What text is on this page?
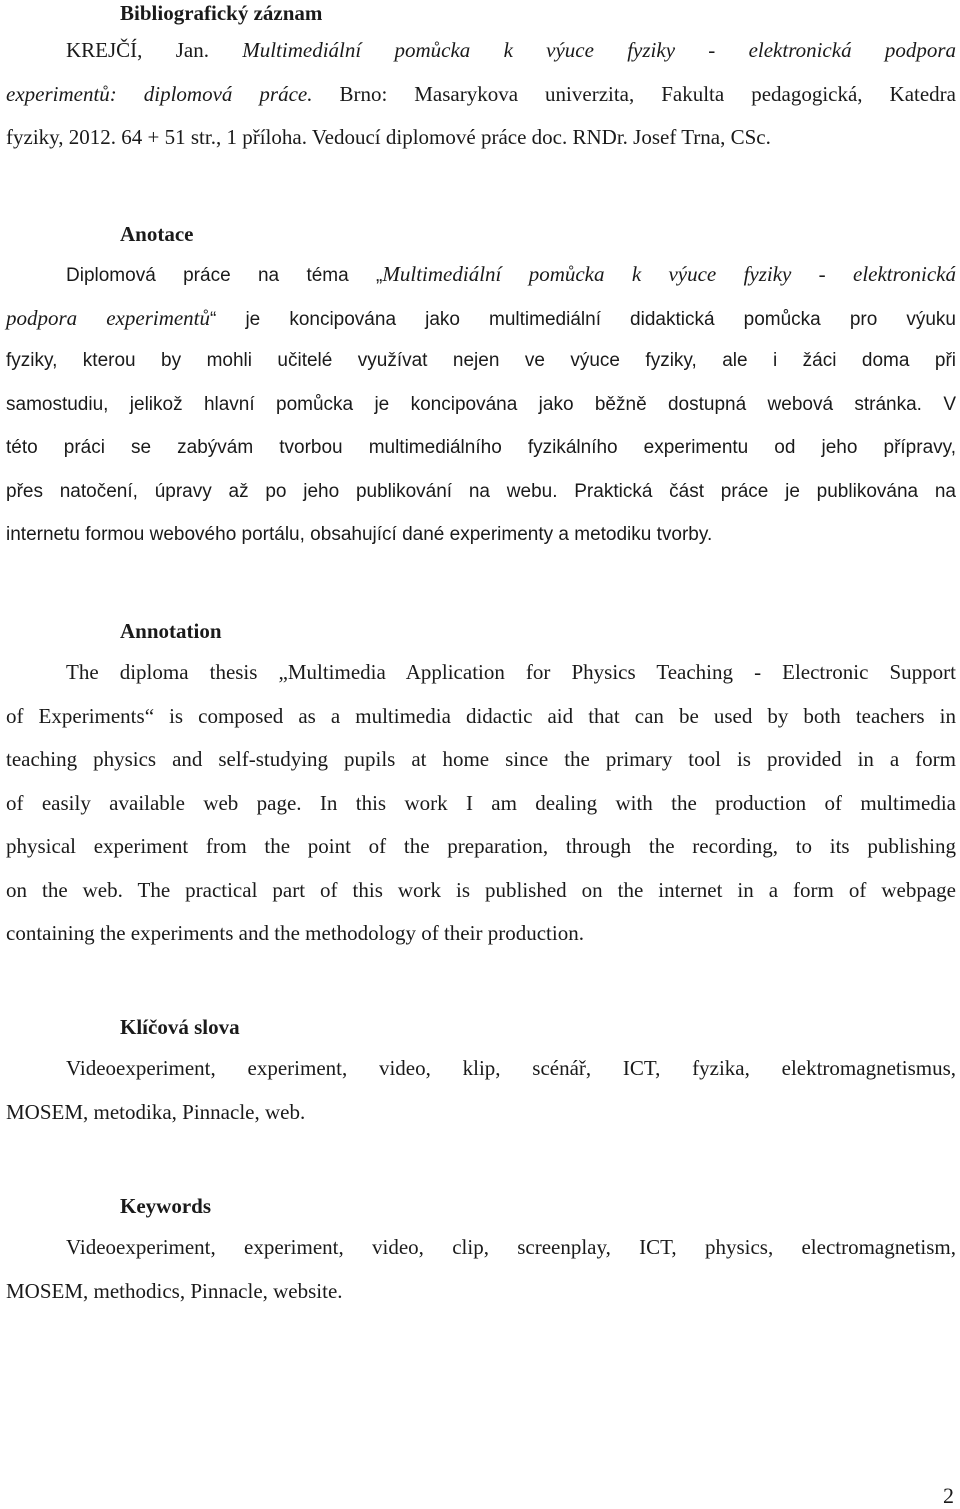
Bibliografický záznam
KREJČÍ, Jan. Multimediální pomůcka k výuce fyziky - elektronická podpora
experimentů: diplomová práce. Brno: Masarykova univerzita, Fakulta pedagogická, Katedra
fyziky, 2012. 64 + 51 str., 1 příloha. Vedoucí diplomové práce doc. RNDr. Josef Trna, CSc.
Anotace
Diplomová práce na téma „Multimediální pomůcka k výuce fyziky - elektronická
podpora experimentů“ je koncipována jako multimediální didaktická pomůcka pro výuku
fyziky, kterou by mohli učitelé využívat nejen ve výuce fyziky, ale i žáci doma při
samostudiu, jelikož hlavní pomůcka je koncipována jako běžně dostupná webová stránka. V
této práci se zabývám tvorbou multimediálního fyzikálního experimentu od jeho přípravy,
přes natočení, úpravy až po jeho publikování na webu. Praktická část práce je publikována na
internetu formou webového portálu, obsahující dané experimenty a metodiku tvorby.
Annotation
The diploma thesis „Multimedia Application for Physics Teaching - Electronic Support
of Experiments“ is composed as a multimedia didactic aid that can be used by both teachers in
teaching physics and self-studying pupils at home since the primary tool is provided in a form
of easily available web page. In this work I am dealing with the production of multimedia
physical experiment from the point of the preparation, through the recording, to its publishing
on the web. The practical part of this work is published on the internet in a form of webpage
containing the experiments and the methodology of their production.
Klíčová slova
Videoexperiment, experiment, video, klip, scénář, ICT, fyzika, elektromagnetismus,
MOSEM, metodika, Pinnacle, web.
Keywords
Videoexperiment, experiment, video, clip, screenplay, ICT, physics, electromagnetism,
MOSEM, methodics, Pinnacle, website.
2
